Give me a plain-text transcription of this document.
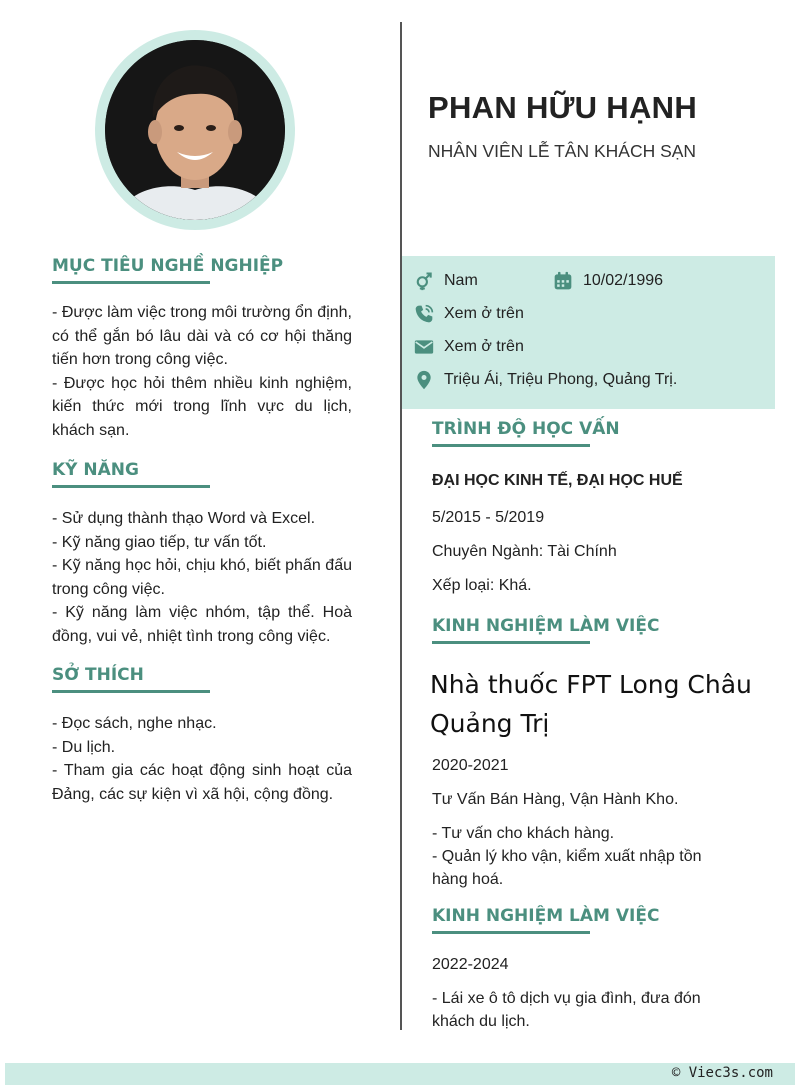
MỤC TIÊU NGHỀ NGHIỆP

- Được làm việc trong môi trường ổn định, có thể gắn bó lâu dài và có cơ hội thăng tiến hơn trong công việc.

- Được học hỏi thêm nhiều kinh nghiệm, kiến thức mới trong lĩnh vực du lịch, khách sạn.

KỸ NĂNG

- Sử dụng thành thạo Word và Excel.

- Kỹ năng giao tiếp, tư vấn tốt.

- Kỹ năng học hỏi, chịu khó, biết phấn đấu trong công việc.

- Kỹ năng làm việc nhóm, tập thể. Hoà đồng, vui vẻ, nhiệt tình trong công việc.

SỞ THÍCH

- Đọc sách, nghe nhạc.

- Du lịch.

- Tham gia các hoạt động sinh hoạt của Đảng, các sự kiện vì xã hội, cộng đồng.

PHAN HỮU HẠNH

NHÂN VIÊN LỄ TÂN KHÁCH SẠN

Nam	10/02/1996
Xem ở trên
Xem ở trên
Triệu Ái, Triệu Phong, Quảng Trị.
TRÌNH ĐỘ HỌC VẤN

ĐẠI HỌC KINH TẾ, ĐẠI HỌC HUẾ

5/2015 - 5/2019

Chuyên Ngành: Tài Chính

Xếp loại: Khá.

KINH NGHIỆM LÀM VIỆC

Nhà thuốc FPT Long Châu Quảng Trị

2020-2021

Tư Vấn Bán Hàng, Vận Hành Kho.

- Tư vấn cho khách hàng.

- Quản lý kho vận, kiểm xuất nhập tồn hàng hoá.

KINH NGHIỆM LÀM VIỆC

2022-2024

- Lái xe ô tô dịch vụ gia đình, đưa đón khách du lịch.

© Viec3s.com
